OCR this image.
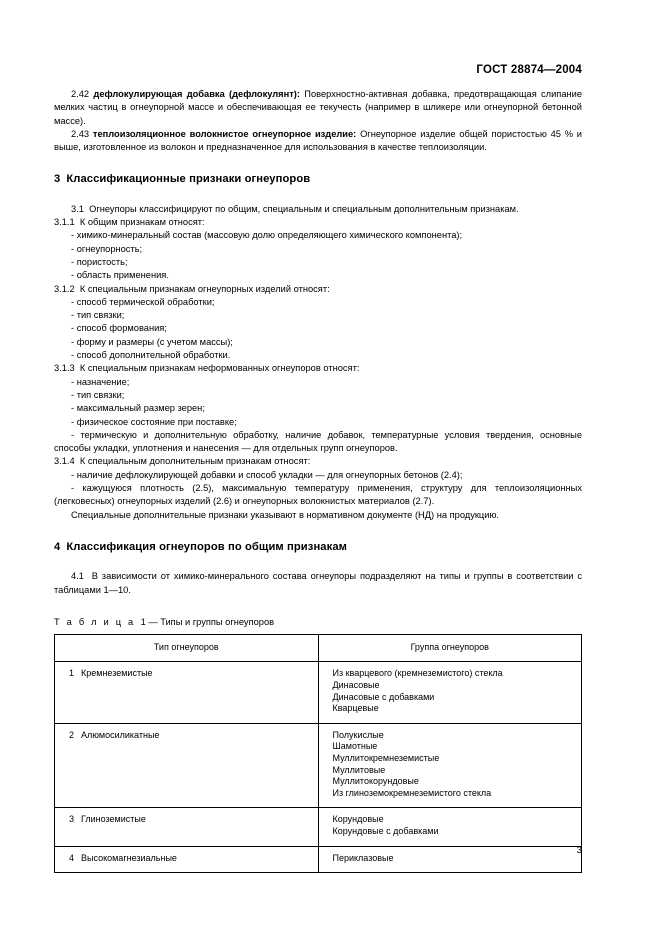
ГОСТ 28874—2004

2.42 дефлокулирующая добавка (дефлокулянт): Поверхностно-активная добавка, предотвращающая слипание мелких частиц в огнеупорной массе и обеспечивающая ее текучесть (например в шликере или огнеупорной бетонной массе).

2.43 теплоизоляционное волокнистое огнеупорное изделие: Огнеупорное изделие общей пористостью 45 % и выше, изготовленное из волокон и предназначенное для использования в качестве теплоизоляции.

3 Классификационные признаки огнеупоров

3.1 Огнеупоры классифицируют по общим, специальным и специальным дополнительным признакам.

3.1.1 К общим признакам относят:

- химико-минеральный состав (массовую долю определяющего химического компонента);

- огнеупорность;

- пористость;

- область применения.

3.1.2 К специальным признакам огнеупорных изделий относят:

- способ термической обработки;

- тип связки;

- способ формования;

- форму и размеры (с учетом массы);

- способ дополнительной обработки.

3.1.3 К специальным признакам неформованных огнеупоров относят:

- назначение;

- тип связки;

- максимальный размер зерен;

- физическое состояние при поставке;

- термическую и дополнительную обработку, наличие добавок, температурные условия твердения, основные способы укладки, уплотнения и нанесения — для отдельных групп огнеупоров.

3.1.4 К специальным дополнительным признакам относят:

- наличие дефлокулирующей добавки и способ укладки — для огнеупорных бетонов (2.4);

- кажущуюся плотность (2.5), максимальную температуру применения, структуру для теплоизоляционных (легковесных) огнеупорных изделий (2.6) и огнеупорных волокнистых материалов (2.7).

Специальные дополнительные признаки указывают в нормативном документе (НД) на продукцию.

4 Классификация огнеупоров по общим признакам

4.1 В зависимости от химико-минерального состава огнеупоры подразделяют на типы и группы в соответствии с таблицами 1—10.

Т а б л и ц а 1 — Типы и группы огнеупоров
Тип огнеупоров	Группа огнеупоров
1 Кремнеземистые	Из кварцевого (кремнеземистого) стекла
Динасовые
Динасовые с добавками
Кварцевые

2 Алюмосиликатные	Полукислые
Шамотные
Муллитокремнеземистые
Муллитовые
Муллитокорундовые
Из глиноземокремнеземистого стекла

3 Глиноземистые	Корундовые
Корундовые с добавками

4 Высокомагнезиальные	Периклазовые
3
